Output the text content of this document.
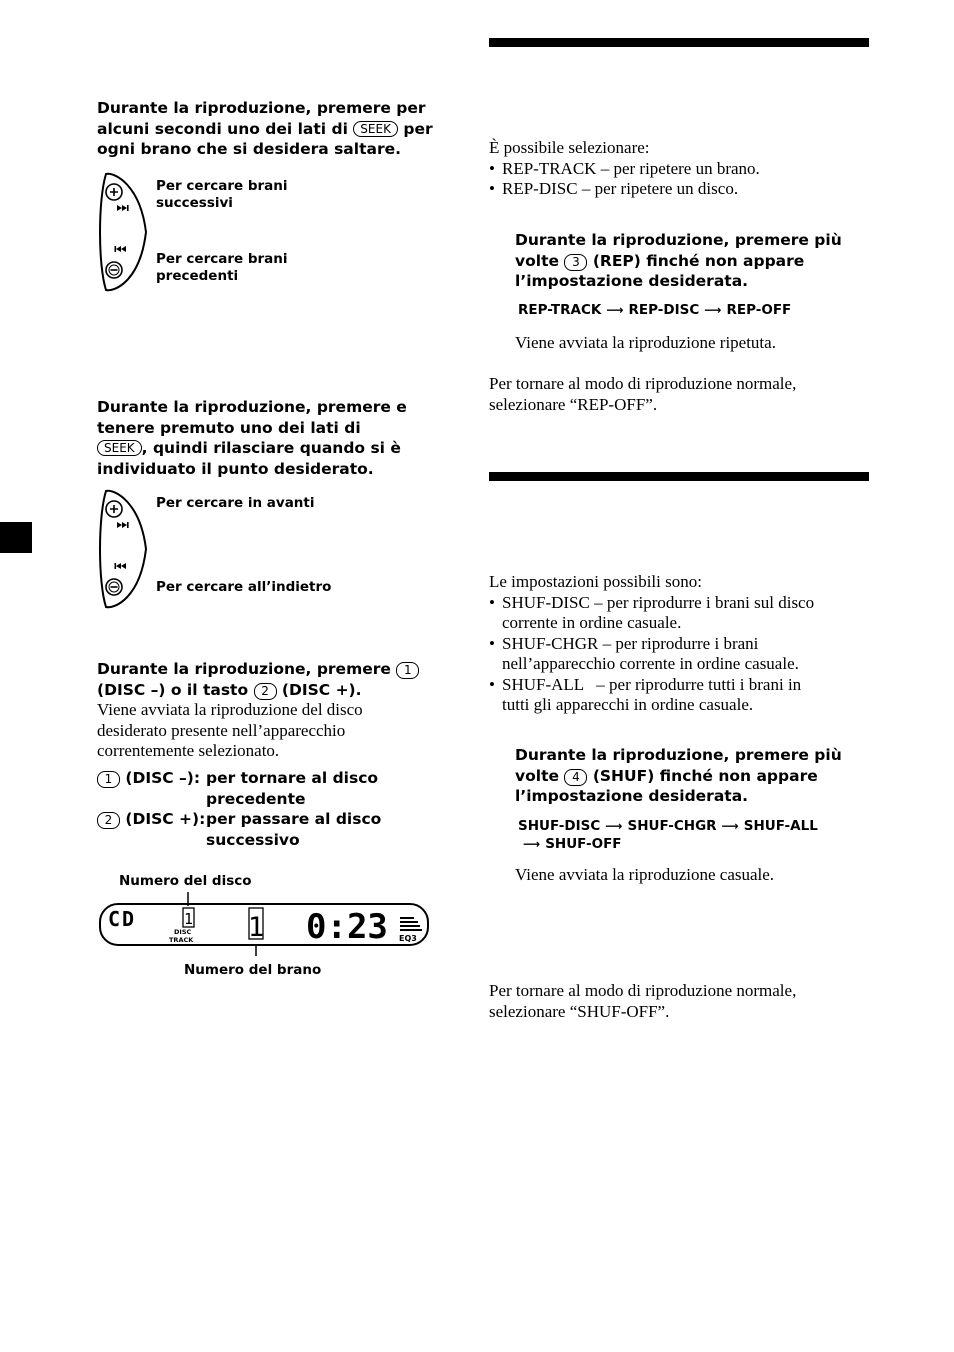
Durante la riproduzione, premere per
alcuni secondi uno dei lati di SEEK per
ogni brano che si desidera saltare.
Per cercare brani
successivi
Per cercare brani
precedenti
Durante la riproduzione, premere e
tenere premuto uno dei lati di
SEEK , quindi rilasciare quando si è
individuato il punto desiderato.
Per cercare in avanti
Per cercare all’indietro
Durante la riproduzione, premere 1
(DISC –) o il tasto 2 (DISC +).
Viene avviata la riproduzione del disco
desiderato presente nell’apparecchio
correntemente selezionato.
1 (DISC –): per tornare al disco
precedente
2 (DISC +): per passare al disco
successivo
Numero del disco
Numero del brano
CD	1
DISC
TRACK 1 0:23 EQ3
È possibile selezionare:
• REP-TRACK – per ripetere un brano.
• REP-DISC – per ripetere un disco.
Durante la riproduzione, premere più
volte 3 (REP) finché non appare
l’impostazione desiderata.
REP-TRACK ⟶ REP-DISC ⟶ REP-OFF
Viene avviata la riproduzione ripetuta.
Per tornare al modo di riproduzione normale,
selezionare “REP-OFF”.
Le impostazioni possibili sono:
• SHUF-DISC – per riprodurre i brani sul disco
corrente in ordine casuale.
• SHUF-CHGR – per riprodurre i brani
nell’apparecchio corrente in ordine casuale.
• SHUF-ALL   – per riprodurre tutti i brani in
tutti gli apparecchi in ordine casuale.
Durante la riproduzione, premere più
volte 4 (SHUF) finché non appare
l’impostazione desiderata.
SHUF-DISC ⟶ SHUF-CHGR ⟶ SHUF-ALL
⟶ SHUF-OFF
Viene avviata la riproduzione casuale.
Per tornare al modo di riproduzione normale,
selezionare “SHUF-OFF”.
